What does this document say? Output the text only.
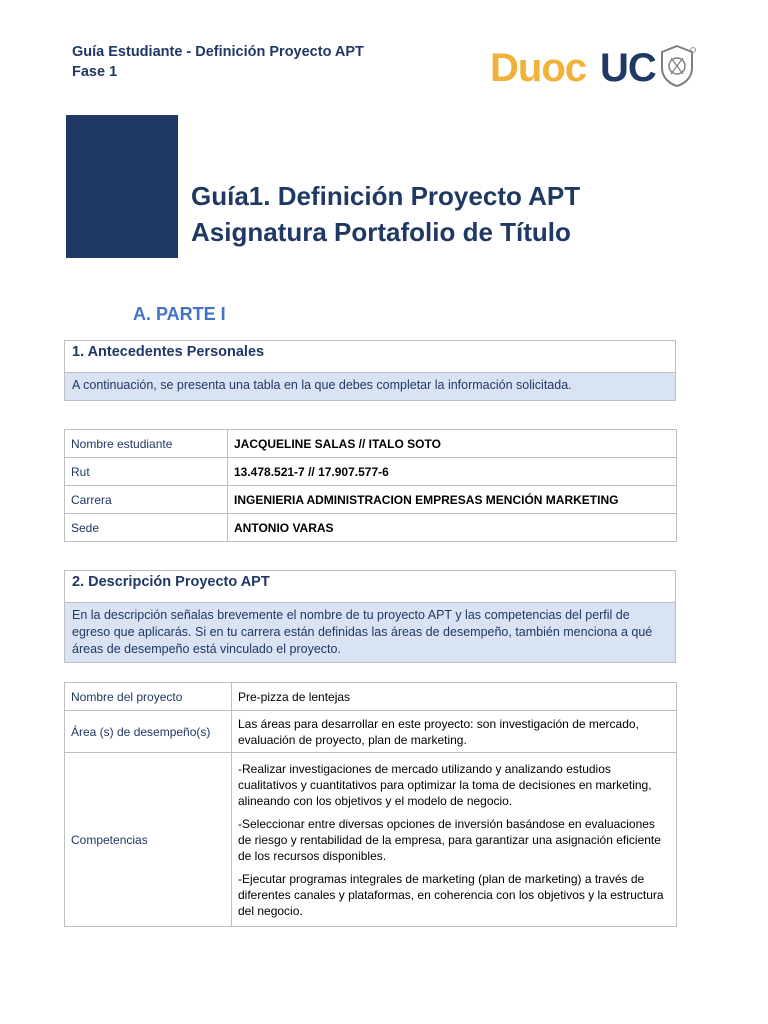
Guía Estudiante - Definición Proyecto APT
Fase 1	Duoc UC
Guía1. Definición Proyecto APT
Asignatura Portafolio de Título
A. PARTE I
1. Antecedentes Personales
A continuación, se presenta una tabla en la que debes completar la información solicitada.
Nombre estudiante	JACQUELINE SALAS // ITALO SOTO
Rut	13.478.521-7 // 17.907.577-6
Carrera	INGENIERIA ADMINISTRACION EMPRESAS MENCIÓN MARKETING
Sede	ANTONIO VARAS
2. Descripción Proyecto APT
En la descripción señalas brevemente el nombre de tu proyecto APT y las competencias del perfil de egreso que aplicarás. Si en tu carrera están definidas las áreas de desempeño, también menciona a qué áreas de desempeño está vinculado el proyecto.
Nombre del proyecto	Pre-pizza de lentejas
Área (s) de desempeño(s)	Las áreas para desarrollar en este proyecto: son investigación de mercado, evaluación de proyecto, plan de marketing.
Competencias	-Realizar investigaciones de mercado utilizando y analizando estudios cualitativos y cuantitativos para optimizar la toma de decisiones en marketing, alineando con los objetivos y el modelo de negocio.

-Seleccionar entre diversas opciones de inversión basándose en evaluaciones de riesgo y rentabilidad de la empresa, para garantizar una asignación eficiente de los recursos disponibles.

-Ejecutar programas integrales de marketing (plan de marketing) a través de diferentes canales y plataformas, en coherencia con los objetivos y la estructura del negocio.
